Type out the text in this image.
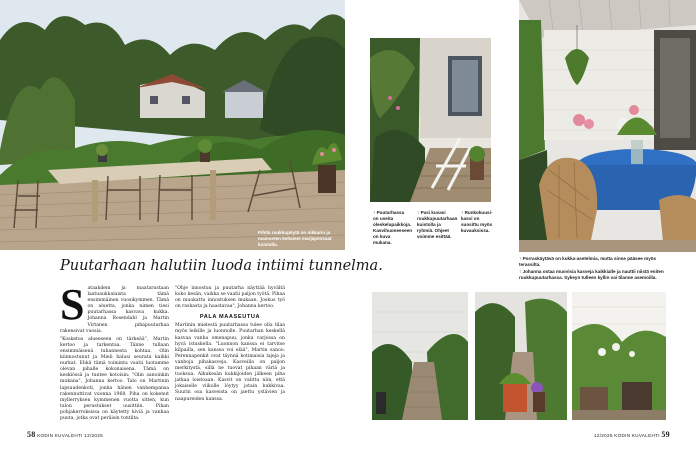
Pihtiä ruukkupöytä on nikkarin ja mainosten keltaiset marjapensaat kuistolla.
Puutarhaan halutiin luoda intiimi tunnelma.
S ataakdem ja maatarustaan laatuaukkalaista tämä ensimmäinen vuosikymmen. Tämä on aluetta, jonka nimen tiesi puutarhassa kasvava kukka. Johanna Rosendahl ja Martin Virtanen pihapuutarhaa rakensivat vuosia.
"Kosketus alueeseen on tärkeää", Martin kertoo ja tarkentaa. Tänne tullaan ensimmäisenä tuhannesta kohtaa. Olin kiinnostunut ja Mieli halusi seurata kaikki nurkat. Ehkä tämä toiminta vaatii luotamme olevan pihalle kokonaisena. Tämä on keskiössä ja tuntee kotoisin: "Olin sanoinkin mukana", Johanna kertoo. Talo on Martinin lapsuudenkoti, jonka hänen vanhempansa rakennuttivat vuonna 1968. Piha on kokenut myllerryksen kymmenen vuotta sitten, kun talon perustukset uusittiin. Pihan pohjakerroksissa on käytetty kiviä ja vanhaa puuta, jotka ovat peräisin tontilta.
"Ohje innostuu ja puutarha näyttää hyvältä koko kesän, vaikka se vaatii paljon työtä. Pihaa on muokattu innostuksen mukaan. Joskus työ on raskasta ja haastavaa", Johanna kertoo.
PALA MAASEUTUA
Martinin mielestä puutarhassa tulee olla tilaa myös leikille ja luonnolle. Puutarhan keskellä kasvaa vanha omenapuu, jonka varjossa on hyvä istuskella. "Luonnon kanssa ei tarvitse kilpailla, sen kanssa voi elää", Martin sanoo. Perennapenkit ovat täynnä kotimaisia lajeja ja vanhoja pihakasveja. Kasveilla on paljon merkitystä, sillä ne tuovat pihaan väriä ja tuoksua. Alkukesän kukkijoiden jälkeen piha jatkaa loistoaan. Kasvit on valittu niin, että jokaiselle viikolle löytyy jotain kukkivaa. Suurin osa kasveista on jaettu ystävien ja naapureiden kanssa.
58 KODIN KUVALEHTI 12/2025
↑ Puutarhassa on useita oleskelupaikkoja. Kasvihuoneeseen on kuva mukana.
↑ Pasi kuvasi ruukkupuutarhaan kuistolla ja ryhmiä. Ohjeet voimme esittää.
↑ Runkokuusi-kasvi on suosittu myös kuvauksissa.
↑ Porraskäytävä on kukka-asetelmia, mutta sinne pääsee myös terassilta.
↑ Johanna ostaa muovisia kasveja kaikkialle ja nauttii niistä eniten ruukkupuutarhassa. Sykeyn tulleen kyllin vai tilanne asemoilla.
12/2025 KODIN KUVALEHTI 59
